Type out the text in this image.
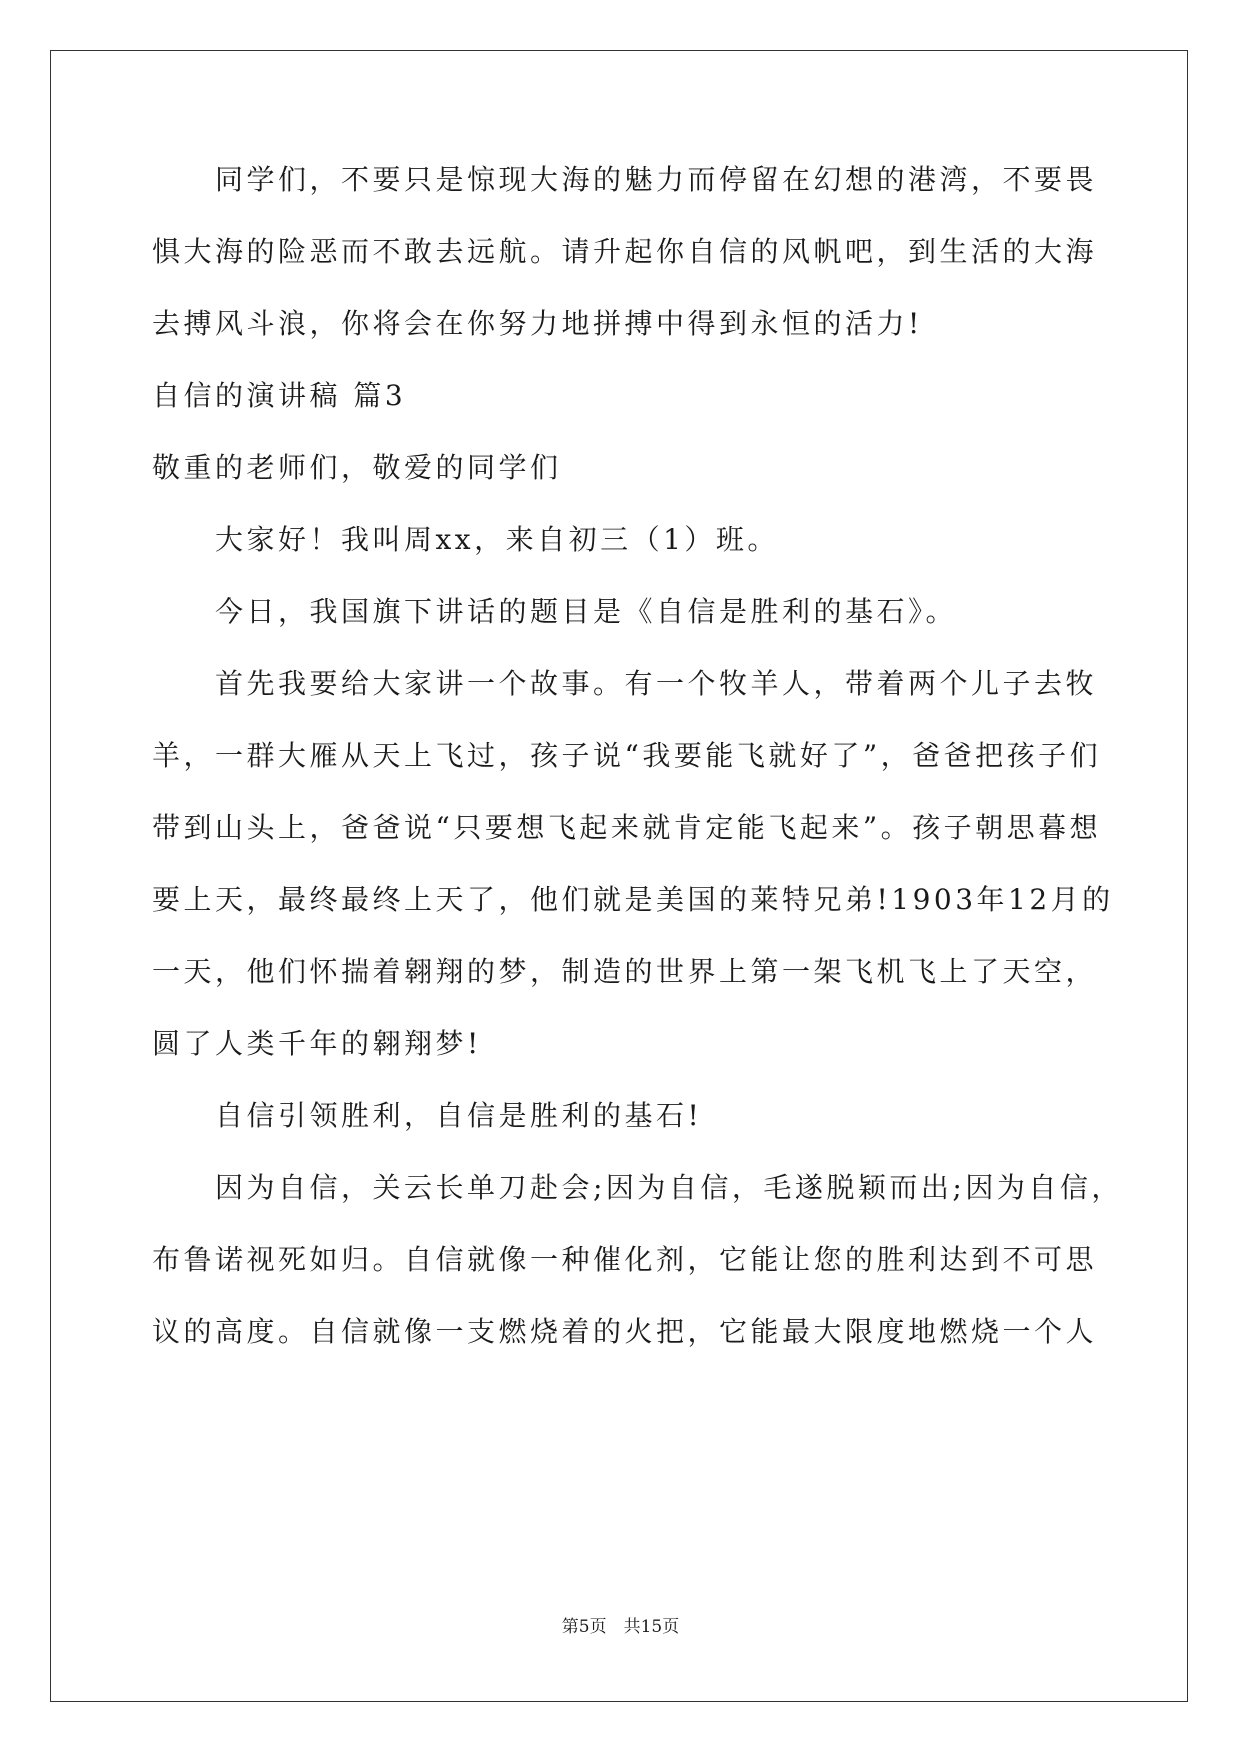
同学们，不要只是惊现大海的魅力而停留在幻想的港湾，不要畏
惧大海的险恶而不敢去远航。请升起你自信的风帆吧，到生活的大海
去搏风斗浪，你将会在你努力地拼搏中得到永恒的活力!
自信的演讲稿 篇3
敬重的老师们，敬爱的同学们
大家好！我叫周xx，来自初三（1）班。
今日，我国旗下讲话的题目是《自信是胜利的基石》。
首先我要给大家讲一个故事。有一个牧羊人，带着两个儿子去牧
羊，一群大雁从天上飞过，孩子说“我要能飞就好了”，爸爸把孩子们
带到山头上，爸爸说“只要想飞起来就肯定能飞起来”。孩子朝思暮想
要上天，最终最终上天了，他们就是美国的莱特兄弟!1903年12月的
一天，他们怀揣着翱翔的梦，制造的世界上第一架飞机飞上了天空，
圆了人类千年的翱翔梦!
自信引领胜利，自信是胜利的基石!
因为自信，关云长单刀赴会;因为自信，毛遂脱颖而出;因为自信，
布鲁诺视死如归。自信就像一种催化剂，它能让您的胜利达到不可思
议的高度。自信就像一支燃烧着的火把，它能最大限度地燃烧一个人
第5页　共15页
